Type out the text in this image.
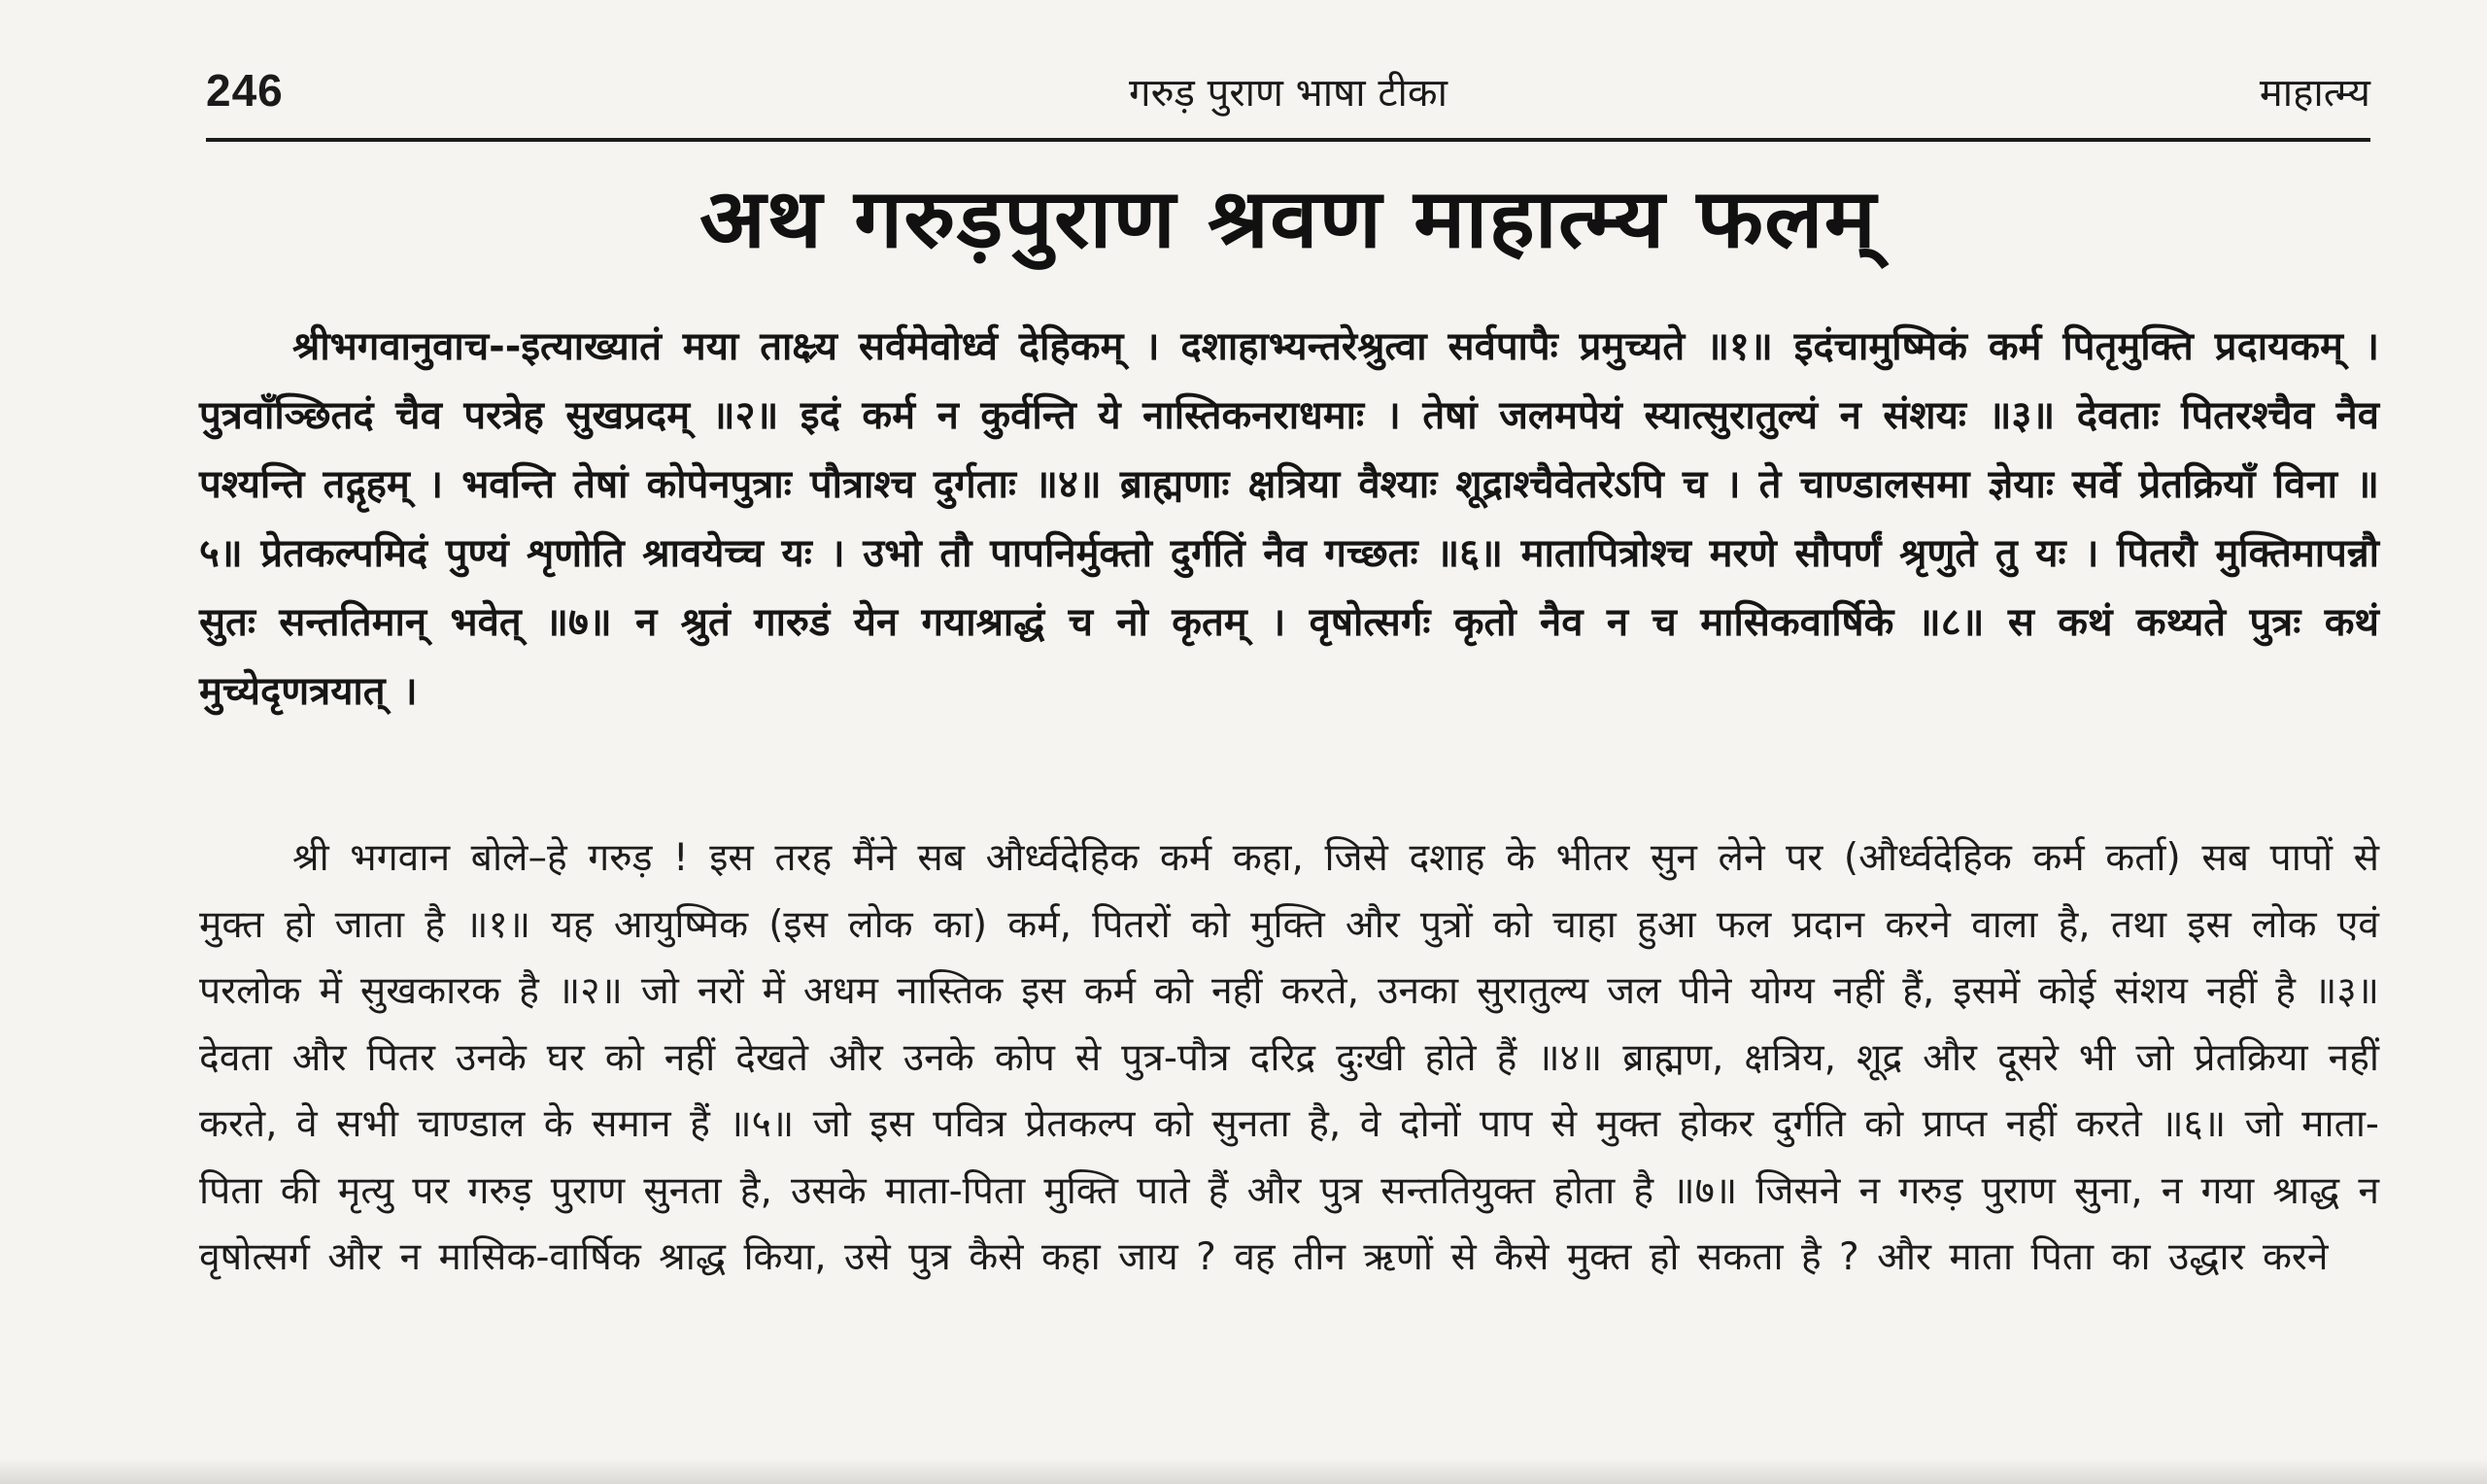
246	गरुड़ पुराण भाषा टीका	माहात्म्य
अथ गरुड़पुराण श्रवण माहात्म्य फलम्

श्रीभगवानुवाच--इत्याख्यातं मया ताक्ष्र्य सर्वमेवोर्ध्व देहिकम् । दशाहाभ्यन्तरेश्रुत्वा सर्वपापैः प्रमुच्यते ॥१॥ इदंचामुष्मिकं कर्म पितृमुक्ति प्रदायकम् । पुत्रवाँञ्छितदं चैव परत्रेह सुखप्रदम् ॥२॥ इदं कर्म न कुर्वन्ति ये नास्तिकनराधमाः । तेषां जलमपेयं स्यात्सुरातुल्यं न संशयः ॥३॥ देवताः पितरश्चैव नैव पश्यन्ति तद्गृहम् । भवन्ति तेषां कोपेनपुत्राः पौत्राश्च दुर्गताः ॥४॥ ब्राह्मणाः क्षत्रिया वैश्याः शूद्राश्चैवेतरेऽपि च । ते चाण्डालसमा ज्ञेयाः सर्वे प्रेतक्रियाँ विना ॥५॥ प्रेतकल्पमिदं पुण्यं शृणोति श्रावयेच्च यः । उभो तौ पापनिर्मुक्तो दुर्गतिं नैव गच्छतः ॥६॥ मातापित्रोश्च मरणे सौपर्णं श्रृणुते तु यः । पितरौ मुक्तिमापन्नौ सुतः सन्ततिमान् भवेत् ॥७॥ न श्रुतं गारुडं येन गयाश्राद्धं च नो कृतम् । वृषोत्सर्गः कृतो नैव न च मासिकवार्षिके ॥८॥ स कथं कथ्यते पुत्रः कथं मुच्येदृणत्रयात् ।

श्री भगवान बोले–हे गरुड़ ! इस तरह मैंने सब और्ध्वदेहिक कर्म कहा, जिसे दशाह के भीतर सुन लेने पर (और्ध्वदेहिक कर्म कर्ता) सब पापों से मुक्त हो जाता है ॥१॥ यह आयुष्मिक (इस लोक का) कर्म, पितरों को मुक्ति और पुत्रों को चाहा हुआ फल प्रदान करने वाला है, तथा इस लोक एवं परलोक में सुखकारक है ॥२॥ जो नरों में अधम नास्तिक इस कर्म को नहीं करते, उनका सुरातुल्य जल पीने योग्य नहीं हैं, इसमें कोई संशय नहीं है ॥३॥ देवता और पितर उनके घर को नहीं देखते और उनके कोप से पुत्र-पौत्र दरिद्र दुःखी होते हैं ॥४॥ ब्राह्मण, क्षत्रिय, शूद्र और दूसरे भी जो प्रेतक्रिया नहीं करते, वे सभी चाण्डाल के समान हैं ॥५॥ जो इस पवित्र प्रेतकल्प को सुनता है, वे दोनों पाप से मुक्त होकर दुर्गति को प्राप्त नहीं करते ॥६॥ जो माता-पिता की मृत्यु पर गरुड़ पुराण सुनता है, उसके माता-पिता मुक्ति पाते हैं और पुत्र सन्ततियुक्त होता है ॥७॥ जिसने न गरुड़ पुराण सुना, न गया श्राद्ध न वृषोत्सर्ग और न मासिक-वार्षिक श्राद्ध किया, उसे पुत्र कैसे कहा जाय ? वह तीन ऋणों से कैसे मुक्त हो सकता है ? और माता पिता का उद्धार करने
